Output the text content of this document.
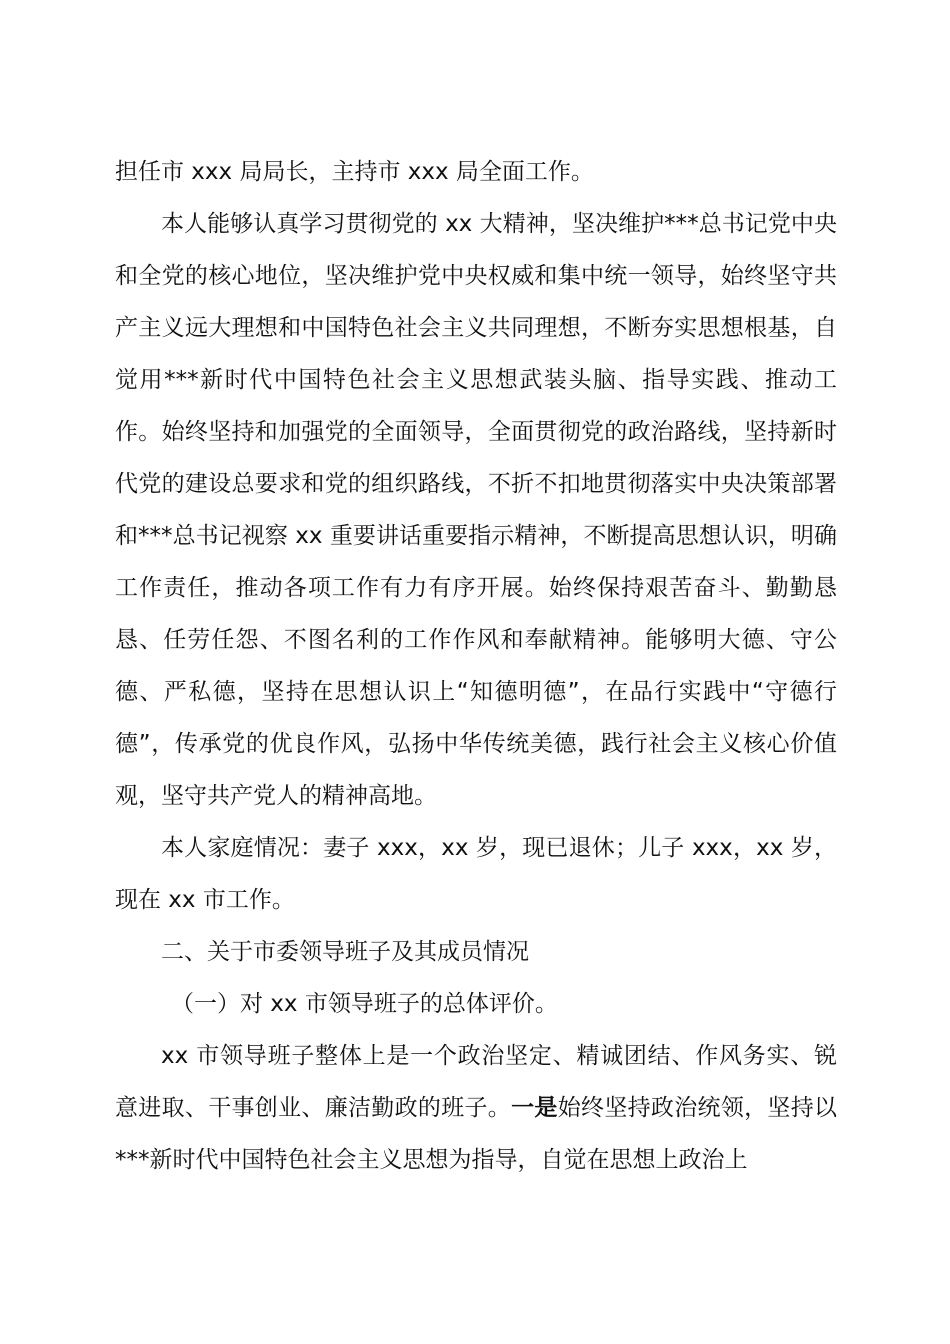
担任市 xxx 局局长，主持市 xxx 局全面工作。

本人能够认真学习贯彻党的 xx 大精神，坚决维护***总书记党中央和全党的核心地位，坚决维护党中央权威和集中统一领导，始终坚守共产主义远大理想和中国特色社会主义共同理想，不断夯实思想根基，自觉用***新时代中国特色社会主义思想武装头脑、指导实践、推动工作。始终坚持和加强党的全面领导，全面贯彻党的政治路线，坚持新时代党的建设总要求和党的组织路线，不折不扣地贯彻落实中央决策部署和***总书记视察 xx 重要讲话重要指示精神，不断提高思想认识，明确工作责任，推动各项工作有力有序开展。始终保持艰苦奋斗、勤勤恳恳、任劳任怨、不图名利的工作作风和奉献精神。能够明大德、守公德、严私德，坚持在思想认识上“知德明德”，在品行实践中“守德行德”，传承党的优良作风，弘扬中华传统美德，践行社会主义核心价值观，坚守共产党人的精神高地。

本人家庭情况：妻子 xxx，xx 岁，现已退休；儿子 xxx，xx 岁，现在 xx 市工作。

二、关于市委领导班子及其成员情况

（一）对 xx 市领导班子的总体评价。

xx 市领导班子整体上是一个政治坚定、精诚团结、作风务实、锐意进取、干事创业、廉洁勤政的班子。一是始终坚持政治统领，坚持以***新时代中国特色社会主义思想为指导，自觉在思想上政治上
